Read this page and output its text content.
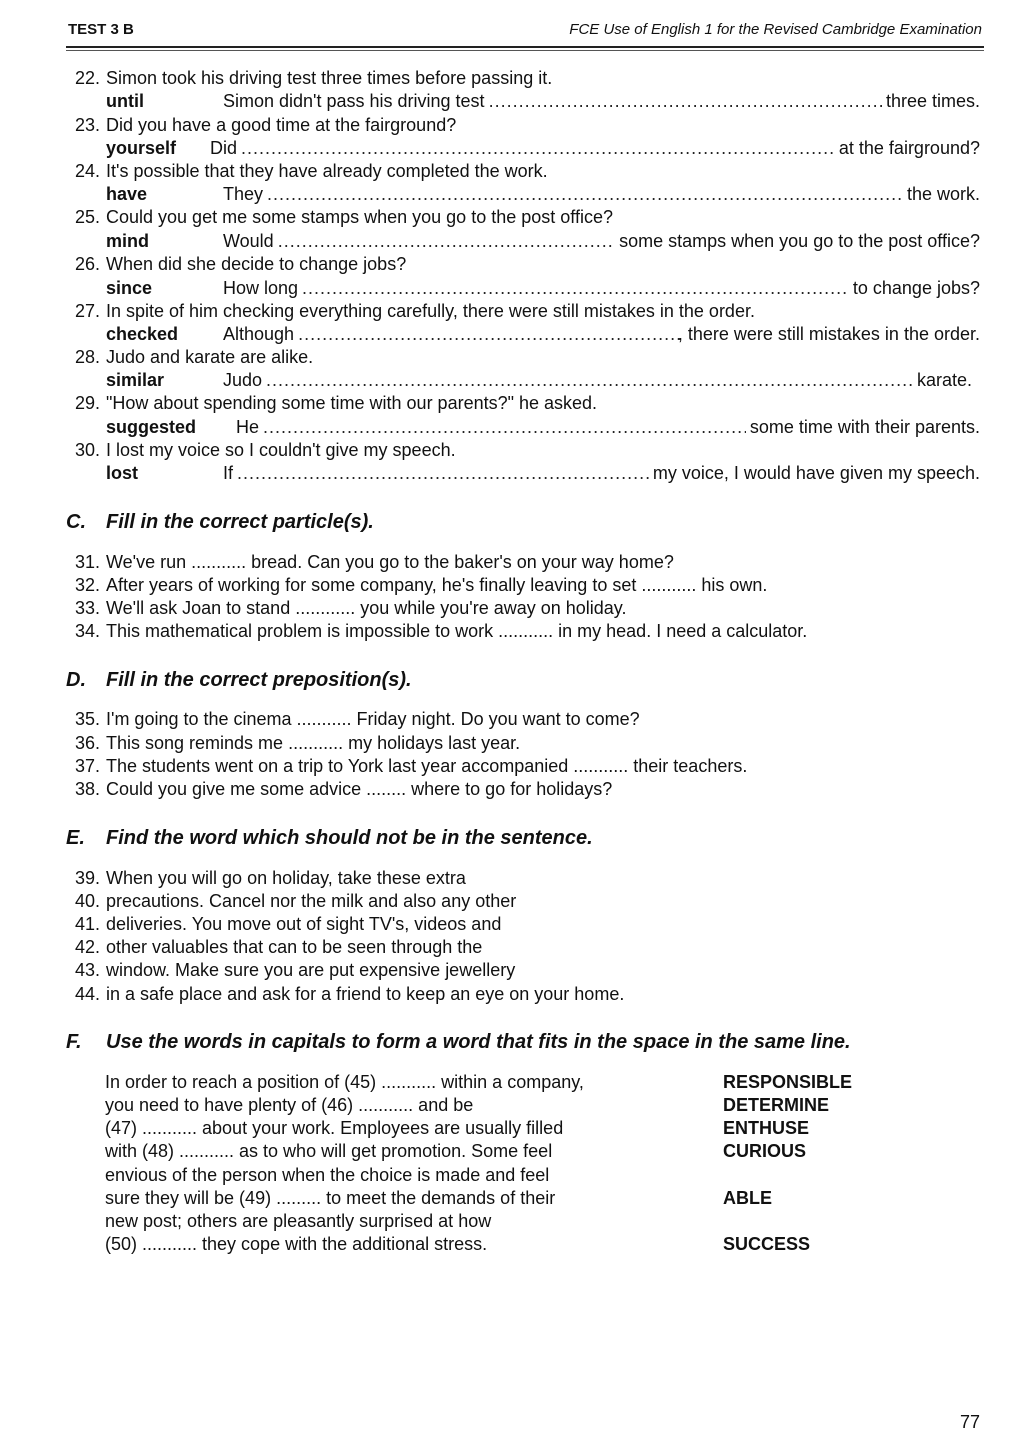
TEST 3 B	FCE Use of English 1 for the Revised Cambridge Examination
22. Simon took his driving test three times before passing it.
until	Simon didn't pass his driving test .....	three times.
23. Did you have a good time at the fairground?
yourself Did .....	at the fairground?
24. It's possible that they have already completed the work.
have	They .....	the work.
25. Could you get me some stamps when you go to the post office?
mind	Would .....	some stamps when you go to the post office?
26. When did she decide to change jobs?
since	How long .....	to change jobs?
27. In spite of him checking everything carefully, there were still mistakes in the order.
checked Although .....	, there were still mistakes in the order.
28. Judo and karate are alike.
similar	Judo .....	karate.
29. "How about spending some time with our parents?" he asked.
suggested He .....	some time with their parents.
30. I lost my voice so I couldn't give my speech.
lost	If .....	my voice, I would have given my speech.
C. Fill in the correct particle(s).
31. We've run ........... bread. Can you go to the baker's on your way home?
32. After years of working for some company, he's finally leaving to set ........... his own.
33. We'll ask Joan to stand ............ you while you're away on holiday.
34. This mathematical problem is impossible to work ........... in my head. I need a calculator.
D. Fill in the correct preposition(s).
35. I'm going to the cinema ........... Friday night. Do you want to come?
36. This song reminds me ........... my holidays last year.
37. The students went on a trip to York last year accompanied ........... their teachers.
38. Could you give me some advice ........ where to go for holidays?
E. Find the word which should not be in the sentence.
39. When you will go on holiday, take these extra
40. precautions. Cancel nor the milk and also any other
41. deliveries. You move out of sight TV's, videos and
42. other valuables that can to be seen through the
43. window. Make sure you are put expensive jewellery
44. in a safe place and ask for a friend to keep an eye on your home.
F. Use the words in capitals to form a word that fits in the space in the same line.
In order to reach a position of (45) ........... within a company,	RESPONSIBLE
you need to have plenty of (46) ........... and be	DETERMINE
(47) ........... about your work. Employees are usually filled	ENTHUSE
with (48) ........... as to who will get promotion. Some feel	CURIOUS
envious of the person when the choice is made and feel
sure they will be (49) ......... to meet the demands of their	ABLE
new post; others are pleasantly surprised at how
(50) ........... they cope with the additional stress.	SUCCESS
77
